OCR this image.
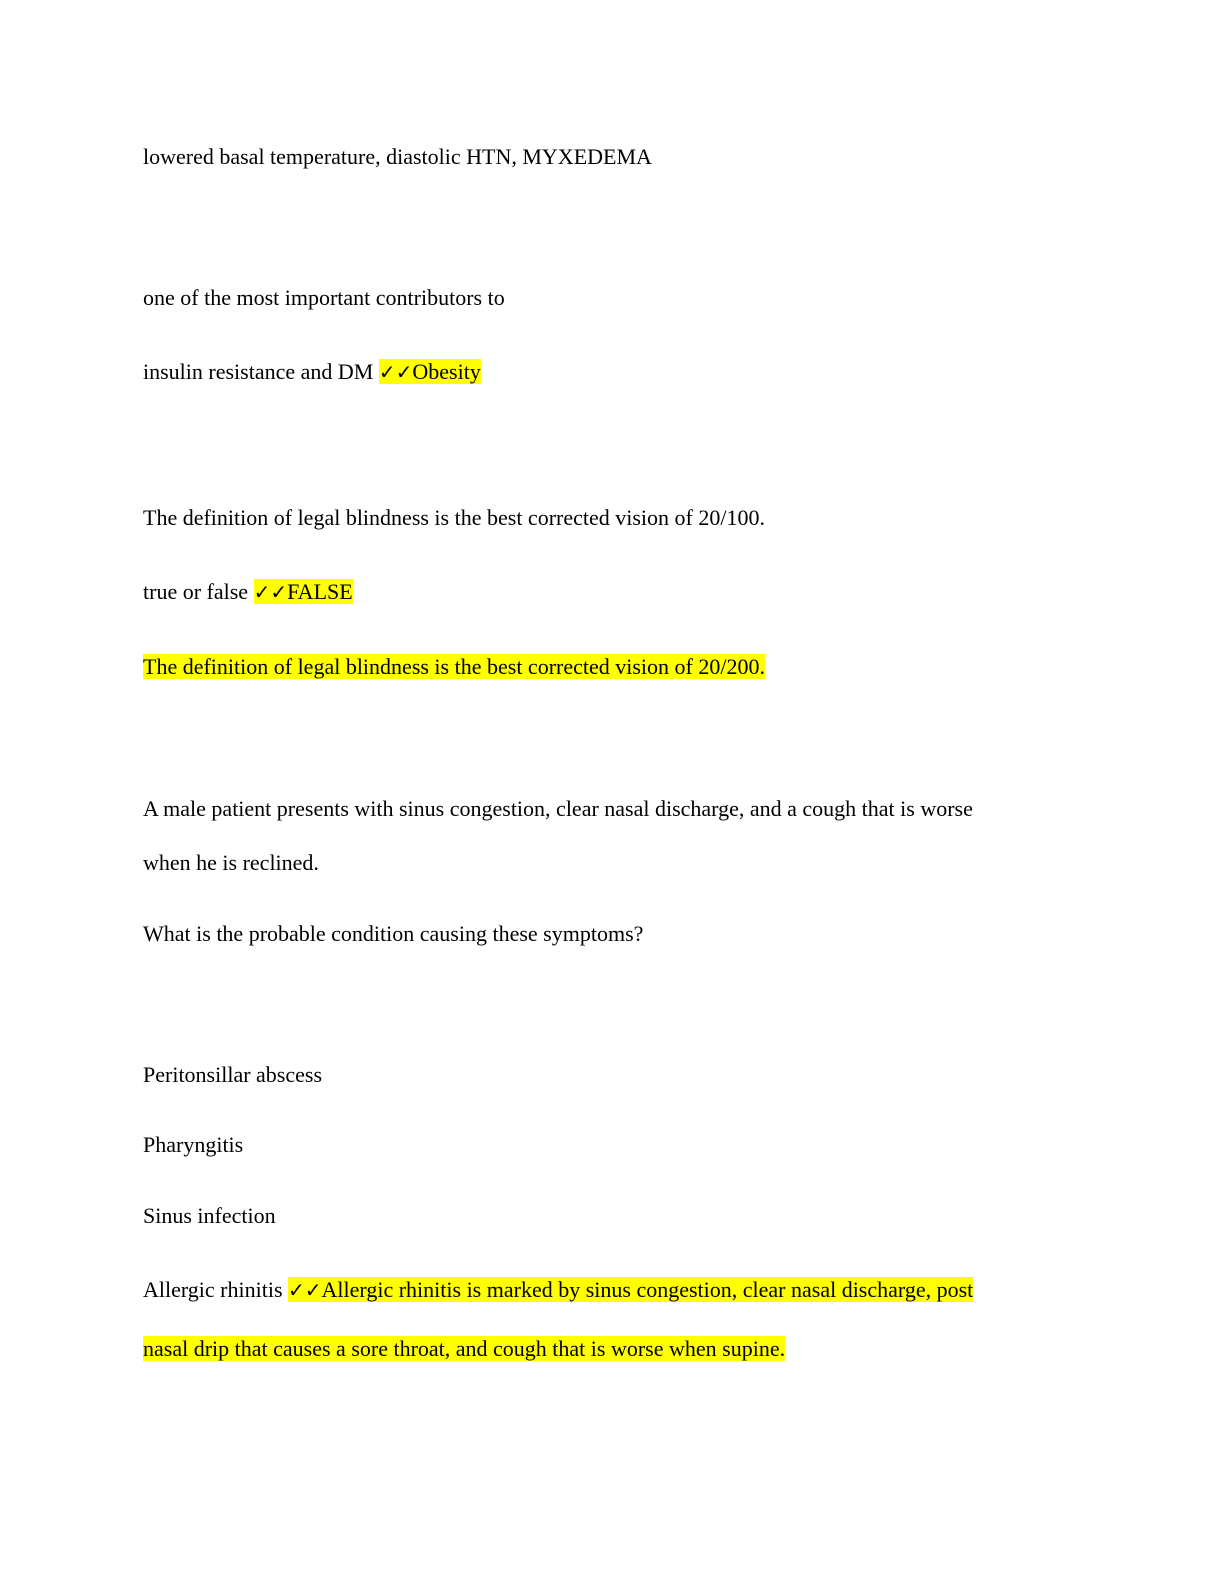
lowered basal temperature, diastolic HTN, MYXEDEMA
one of the most important contributors to
insulin resistance and DM ✓✓Obesity
The definition of legal blindness is the best corrected vision of 20/100.
true or false ✓✓FALSE
The definition of legal blindness is the best corrected vision of 20/200.
A male patient presents with sinus congestion, clear nasal discharge, and a cough that is worse
when he is reclined.
What is the probable condition causing these symptoms?
Peritonsillar abscess
Pharyngitis
Sinus infection
Allergic rhinitis ✓✓Allergic rhinitis is marked by sinus congestion, clear nasal discharge, post
nasal drip that causes a sore throat, and cough that is worse when supine.
